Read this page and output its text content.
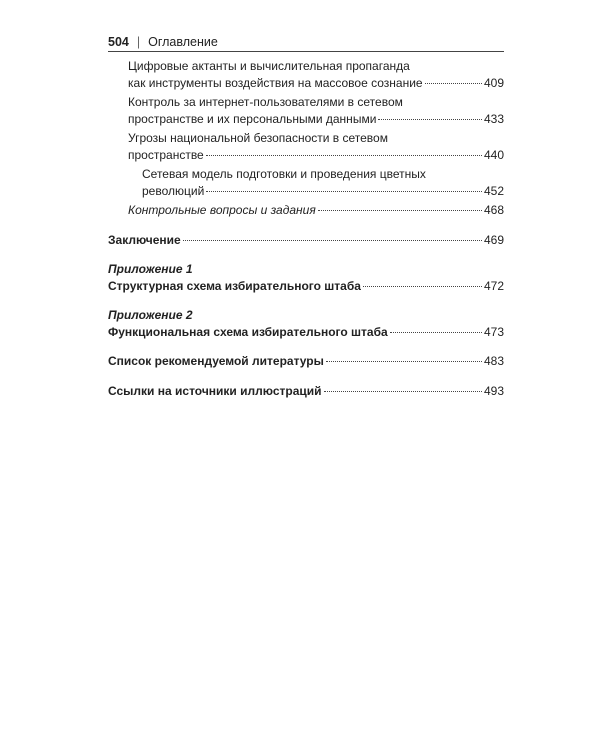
504 | Оглавление
Цифровые актанты и вычислительная пропаганда
как инструменты воздействия на массовое сознание	409
Контроль за интернет-пользователями в сетевом
пространстве и их персональными данными	433
Угрозы национальной безопасности в сетевом
пространстве	440
Сетевая модель подготовки и проведения цветных
революций	452
Контрольные вопросы и задания	468
Заключение	469
Приложение 1
Структурная схема избирательного штаба	472
Приложение 2
Функциональная схема избирательного штаба	473
Список рекомендуемой литературы	483
Ссылки на источники иллюстраций	493
